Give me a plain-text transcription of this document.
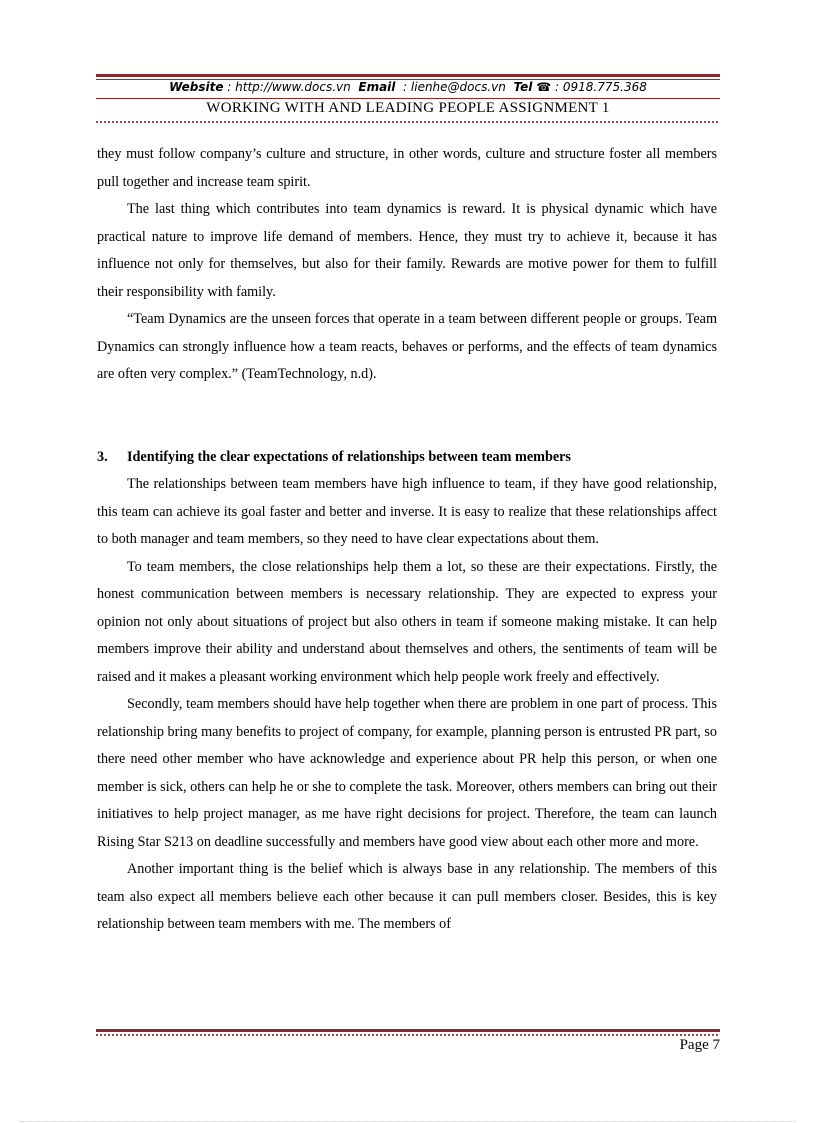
Website : http://www.docs.vn Email : lienhe@docs.vn Tel ☎ : 0918.775.368
WORKING WITH AND LEADING PEOPLE ASSIGNMENT 1

they must follow company’s culture and structure, in other words, culture and structure foster all members pull together and increase team spirit.

The last thing which contributes into team dynamics is reward. It is physical dynamic which have practical nature to improve life demand of members. Hence, they must try to achieve it, because it has influence not only for themselves, but also for their family. Rewards are motive power for them to fulfill their responsibility with family.

“Team Dynamics are the unseen forces that operate in a team between different people or groups. Team Dynamics can strongly influence how a team reacts, behaves or performs, and the effects of team dynamics are often very complex.” (TeamTechnology, n.d).

3.	Identifying the clear expectations of relationships between team members

The relationships between team members have high influence to team, if they have good relationship, this team can achieve its goal faster and better and inverse. It is easy to realize that these relationships affect to both manager and team members, so they need to have clear expectations about them.

To team members, the close relationships help them a lot, so these are their expectations. Firstly, the honest communication between members is necessary relationship. They are expected to express your opinion not only about situations of project but also others in team if someone making mistake. It can help members improve their ability and understand about themselves and others, the sentiments of team will be raised and it makes a pleasant working environment which help people work freely and effectively.

Secondly, team members should have help together when there are problem in one part of process. This relationship bring many benefits to project of company, for example, planning person is entrusted PR part, so there need other member who have acknowledge and experience about PR help this person, or when one member is sick, others can help he or she to complete the task. Moreover, others members can bring out their initiatives to help project manager, as me have right decisions for project. Therefore, the team can launch Rising Star S213 on deadline successfully and members have good view about each other more and more.

Another important thing is the belief which is always base in any relationship. The members of this team also expect all members believe each other because it can pull members closer. Besides, this is key relationship between team members with me. The members of

Page 7
